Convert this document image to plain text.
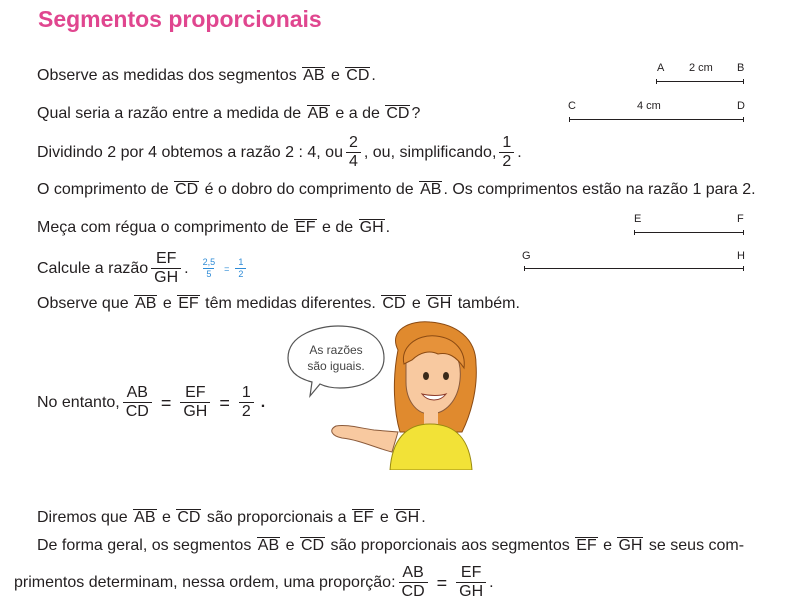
Segmentos proporcionais
Observe as medidas dos segmentos
AB
e
CD .
Qual seria a razão entre a medida de
AB
e a de
CD ?
Dividindo 2 por 4 obtemos a razão 2 : 4, ou $\frac{2}{4}$ , ou, simplificando, $\frac{1}{2}$ .
O comprimento de
CD
é o dobro do comprimento de
AB . Os comprimentos estão na razão 1 para 2.
Meça com régua o comprimento de
EF
e de
GH .
Calcule a razão $\frac{EF}{GH}$ . $\frac{2,5}{5} = \frac{1}{2}$
Observe que
AB
e
EF
têm medidas diferentes.
CD
e
GH
também.
No entanto, $\frac{AB}{CD} = \frac{EF}{GH} = \frac{1}{2}$ .
Diremos que
AB
e
CD
são proporcionais a
EF
e
GH .
De forma geral, os segmentos
AB
e
CD
são proporcionais aos segmentos
EF
e
GH
se seus com-
primentos determinam, nessa ordem, uma proporção: $\frac{AB}{CD} = \frac{EF}{GH}$ .
A 2 cm B
C	4 cm	D
E	F
G	H
As razões
são iguais.
